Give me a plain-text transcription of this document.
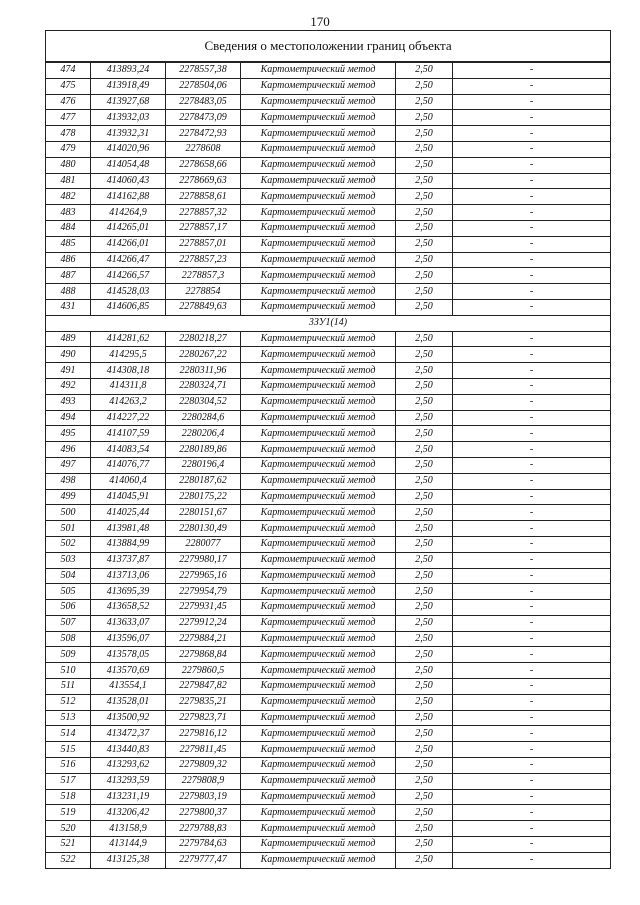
170
Сведения о местоположении границ объекта					
474	413893,24	2278557,38	Картометрический метод	2,50	-
475	413918,49	2278504,06	Картометрический метод	2,50	-
476	413927,68	2278483,05	Картометрический метод	2,50	-
477	413932,03	2278473,09	Картометрический метод	2,50	-
478	413932,31	2278472,93	Картометрический метод	2,50	-
479	414020,96	2278608	Картометрический метод	2,50	-
480	414054,48	2278658,66	Картометрический метод	2,50	-
481	414060,43	2278669,63	Картометрический метод	2,50	-
482	414162,88	2278858,61	Картометрический метод	2,50	-
483	414264,9	2278857,32	Картометрический метод	2,50	-
484	414265,01	2278857,17	Картометрический метод	2,50	-
485	414266,01	2278857,01	Картометрический метод	2,50	-
486	414266,47	2278857,23	Картометрический метод	2,50	-
487	414266,57	2278857,3	Картометрический метод	2,50	-
488	414528,03	2278854	Картометрический метод	2,50	-
431	414606,85	2278849,63	Картометрический метод	2,50	-
3ЗУ1(14)					
489	414281,62	2280218,27	Картометрический метод	2,50	-
490	414295,5	2280267,22	Картометрический метод	2,50	-
491	414308,18	2280311,96	Картометрический метод	2,50	-
492	414311,8	2280324,71	Картометрический метод	2,50	-
493	414263,2	2280304,52	Картометрический метод	2,50	-
494	414227,22	2280284,6	Картометрический метод	2,50	-
495	414107,59	2280206,4	Картометрический метод	2,50	-
496	414083,54	2280189,86	Картометрический метод	2,50	-
497	414076,77	2280196,4	Картометрический метод	2,50	-
498	414060,4	2280187,62	Картометрический метод	2,50	-
499	414045,91	2280175,22	Картометрический метод	2,50	-
500	414025,44	2280151,67	Картометрический метод	2,50	-
501	413981,48	2280130,49	Картометрический метод	2,50	-
502	413884,99	2280077	Картометрический метод	2,50	-
503	413737,87	2279980,17	Картометрический метод	2,50	-
504	413713,06	2279965,16	Картометрический метод	2,50	-
505	413695,39	2279954,79	Картометрический метод	2,50	-
506	413658,52	2279931,45	Картометрический метод	2,50	-
507	413633,07	2279912,24	Картометрический метод	2,50	-
508	413596,07	2279884,21	Картометрический метод	2,50	-
509	413578,05	2279868,84	Картометрический метод	2,50	-
510	413570,69	2279860,5	Картометрический метод	2,50	-
511	413554,1	2279847,82	Картометрический метод	2,50	-
512	413528,01	2279835,21	Картометрический метод	2,50	-
513	413500,92	2279823,71	Картометрический метод	2,50	-
514	413472,37	2279816,12	Картометрический метод	2,50	-
515	413440,83	2279811,45	Картометрический метод	2,50	-
516	413293,62	2279809,32	Картометрический метод	2,50	-
517	413293,59	2279808,9	Картометрический метод	2,50	-
518	413231,19	2279803,19	Картометрический метод	2,50	-
519	413206,42	2279800,37	Картометрический метод	2,50	-
520	413158,9	2279788,83	Картометрический метод	2,50	-
521	413144,9	2279784,63	Картометрический метод	2,50	-
522	413125,38	2279777,47	Картометрический метод	2,50	-
